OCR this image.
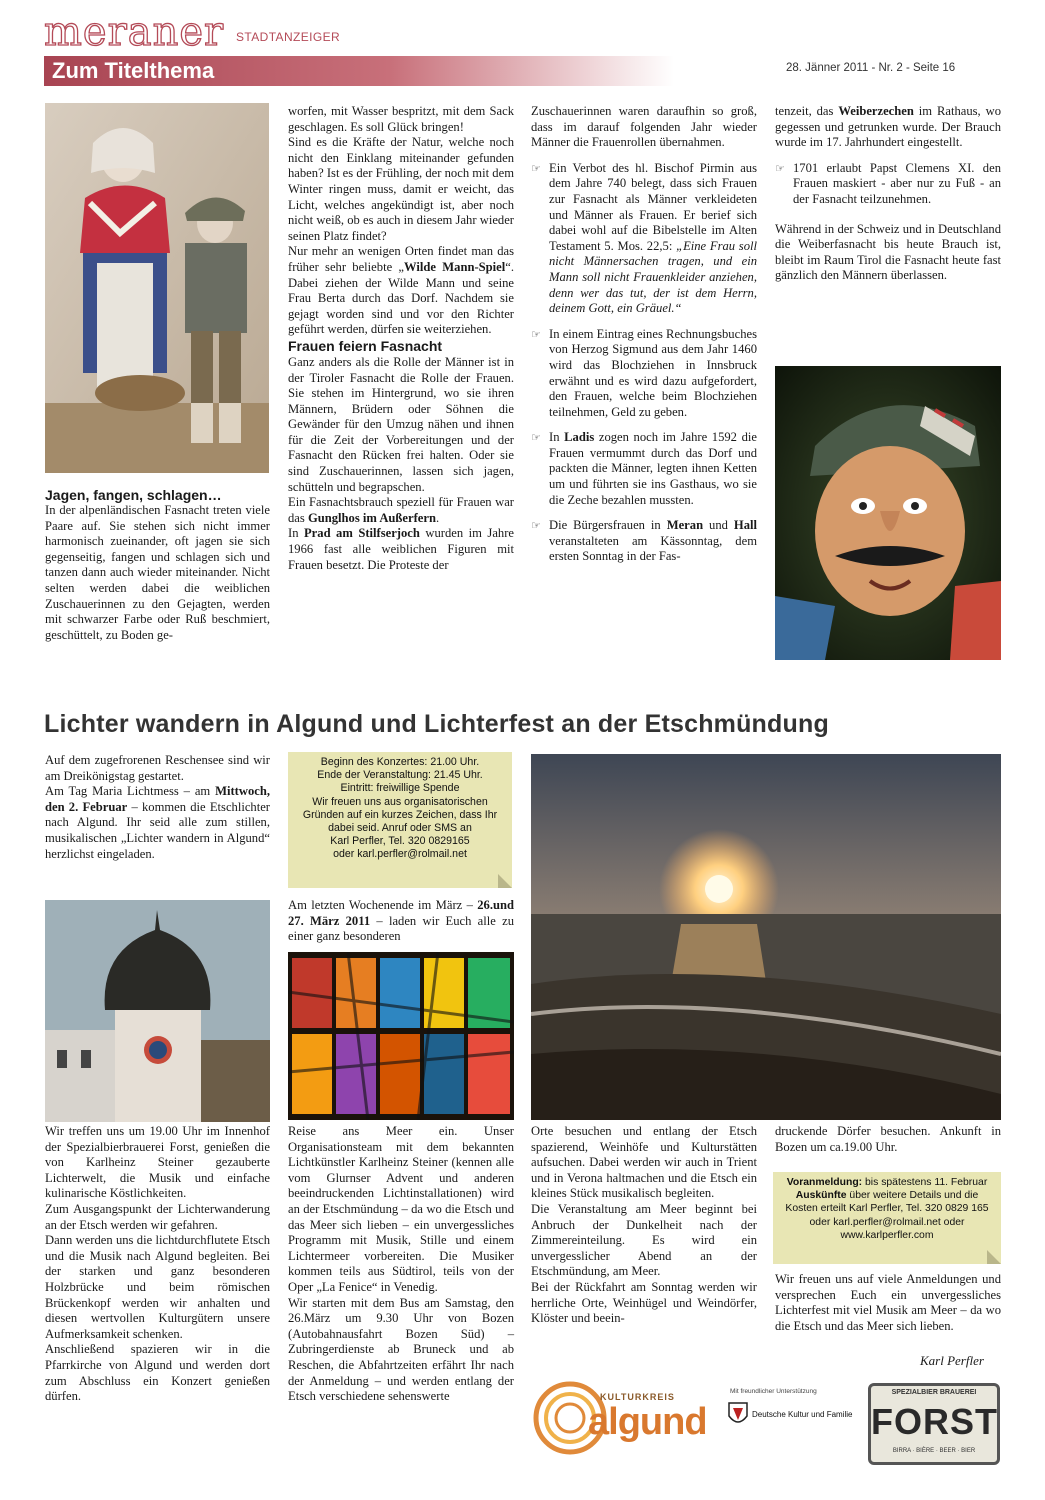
meraner STADTANZEIGER
Zum Titelthema	28. Jänner 2011 - Nr. 2 - Seite 16

Jagen, fangen, schlagen…

In der alpenländischen Fasnacht treten viele Paare auf. Sie stehen sich nicht immer harmonisch zueinander, oft jagen sie sich gegenseitig, fangen und schlagen sich und tanzen dann auch wieder miteinander. Nicht selten werden dabei die weiblichen Zuschauerinnen zu den Gejagten, werden mit schwarzer Farbe oder Ruß beschmiert, geschüttelt, zu Boden ge-

worfen, mit Wasser bespritzt, mit dem Sack geschlagen. Es soll Glück bringen!

Sind es die Kräfte der Natur, welche noch nicht den Einklang miteinander gefunden haben? Ist es der Frühling, der noch mit dem Winter ringen muss, damit er weicht, das Licht, welches angekündigt ist, aber noch nicht weiß, ob es auch in diesem Jahr wieder seinen Platz findet?

Nur mehr an wenigen Orten findet man das früher sehr beliebte „Wilde Mann-Spiel“. Dabei ziehen der Wilde Mann und seine Frau Berta durch das Dorf. Nachdem sie gejagt worden sind und vor den Richter geführt werden, dürfen sie weiterziehen.

Frauen feiern Fasnacht

Ganz anders als die Rolle der Männer ist in der Tiroler Fasnacht die Rolle der Frauen. Sie stehen im Hintergrund, wo sie ihren Männern, Brüdern oder Söhnen die Gewänder für den Umzug nähen und ihnen für die Zeit der Vorbereitungen und der Fasnacht den Rücken frei halten. Oder sie sind Zuschauerinnen, lassen sich jagen, schütteln und begrapschen.

Ein Fasnachtsbrauch speziell für Frauen war das Gunglhos im Außerfern.

In Prad am Stilfserjoch wurden im Jahre 1966 fast alle weiblichen Figuren mit Frauen besetzt. Die Proteste der

Zuschauerinnen waren daraufhin so groß, dass im darauf folgenden Jahr wieder Männer die Frauenrollen übernahmen.

☞ Ein Verbot des hl. Bischof Pirmin aus dem Jahre 740 belegt, dass sich Frauen zur Fasnacht als Männer verkleideten und Männer als Frauen. Er berief sich dabei wohl auf die Bibelstelle im Alten Testament 5. Mos. 22,5: „Eine Frau soll nicht Männersachen tragen, und ein Mann soll nicht Frauenkleider anziehen, denn wer das tut, der ist dem Herrn, deinem Gott, ein Gräuel.“

☞ In einem Eintrag eines Rechnungsbuches von Herzog Sigmund aus dem Jahr 1460 wird das Blochziehen in Innsbruck erwähnt und es wird dazu aufgefordert, den Frauen, welche beim Blochziehen teilnehmen, Geld zu geben.

☞ In Ladis zogen noch im Jahre 1592 die Frauen vermummt durch das Dorf und packten die Männer, legten ihnen Ketten um und führten sie ins Gasthaus, wo sie die Zeche bezahlen mussten.

☞ Die Bürgersfrauen in Meran und Hall veranstalteten am Kässonntag, dem ersten Sonntag in der Fas-

tenzeit, das Weiberzechen im Rathaus, wo gegessen und getrunken wurde. Der Brauch wurde im 17. Jahrhundert eingestellt.

☞ 1701 erlaubt Papst Clemens XI. den Frauen maskiert - aber nur zu Fuß - an der Fasnacht teilzunehmen.

Während in der Schweiz und in Deutschland die Weiberfasnacht bis heute Brauch ist, bleibt im Raum Tirol die Fasnacht heute fast gänzlich den Männern überlassen.

Lichter wandern in Algund und Lichterfest an der Etschmündung

Auf dem zugefrorenen Reschensee sind wir am Dreikönigstag gestartet.

Am Tag Maria Lichtmess – am Mittwoch, den 2. Februar – kommen die Etschlichter nach Algund. Ihr seid alle zum stillen, musikalischen „Lichter wandern in Algund“ herzlichst eingeladen.

Wir treffen uns um 19.00 Uhr im Innenhof der Spezialbierbrauerei Forst, genießen die von Karlheinz Steiner gezauberte Lichterwelt, die Musik und einfache kulinarische Köstlichkeiten.

Zum Ausgangspunkt der Lichterwanderung an der Etsch werden wir gefahren.

Dann werden uns die lichtdurchflutete Etsch und die Musik nach Algund begleiten. Bei der starken und ganz besonderen Holzbrücke und beim römischen Brückenkopf werden wir anhalten und diesen wertvollen Kulturgütern unsere Aufmerksamkeit schenken.

Anschließend spazieren wir in die Pfarrkirche von Algund und werden dort zum Abschluss ein Konzert genießen dürfen.

Beginn des Konzertes: 21.00 Uhr.
Ende der Veranstaltung: 21.45 Uhr.
Eintritt: freiwillige Spende
Wir freuen uns aus organisatorischen
Gründen auf ein kurzes Zeichen, dass Ihr
dabei seid. Anruf oder SMS an
Karl Perfler, Tel. 320 0829165
oder karl.perfler@rolmail.net

Am letzten Wochenende im März – 26.und 27. März 2011 – laden wir Euch alle zu einer ganz besonderen

Reise ans Meer ein. Unser Organisationsteam mit dem bekannten Lichtkünstler Karlheinz Steiner (kennen alle vom Glurnser Advent und anderen beeindruckenden Lichtinstallationen) wird an der Etschmündung – da wo die Etsch und das Meer sich lieben – ein unvergessliches Programm mit Musik, Stille und einem Lichtermeer vorbereiten. Die Musiker kommen teils aus Südtirol, teils von der Oper „La Fenice“ in Venedig.

Wir starten mit dem Bus am Samstag, den 26.März um 9.30 Uhr von Bozen (Autobahnausfahrt Bozen Süd) – Zubringerdienste ab Bruneck und ab Reschen, die Abfahrtzeiten erfährt Ihr nach der Anmeldung – und werden entlang der Etsch verschiedene sehenswerte

Orte besuchen und entlang der Etsch spazierend, Weinhöfe und Kulturstätten aufsuchen. Dabei werden wir auch in Trient und in Verona haltmachen und die Etsch ein kleines Stück musikalisch begleiten.

Die Veranstaltung am Meer beginnt bei Anbruch der Dunkelheit nach der Zimmereinteilung. Es wird ein unvergesslicher Abend an der Etschmündung, am Meer.

Bei der Rückfahrt am Sonntag werden wir herrliche Orte, Weinhügel und Weindörfer, Klöster und beein-

druckende Dörfer besuchen. Ankunft in Bozen um ca.19.00 Uhr.

Voranmeldung: bis spätestens 11. Februar
Auskünfte über weitere Details und die
Kosten erteilt Karl Perfler, Tel. 320 0829 165
oder karl.perfler@rolmail.net oder
www.karlperfler.com

Wir freuen uns auf viele Anmeldungen und versprechen Euch ein unvergessliches Lichterfest mit viel Musik am Meer – da wo die Etsch und das Meer sich lieben.

Karl Perfler
KULTURKREIS
algund
Mit freundlicher Unterstützung
Deutsche Kultur und Familie
SPEZIALBIER BRAUEREI
FORST
BIRRA · BIÈRE · BEER · BIER
